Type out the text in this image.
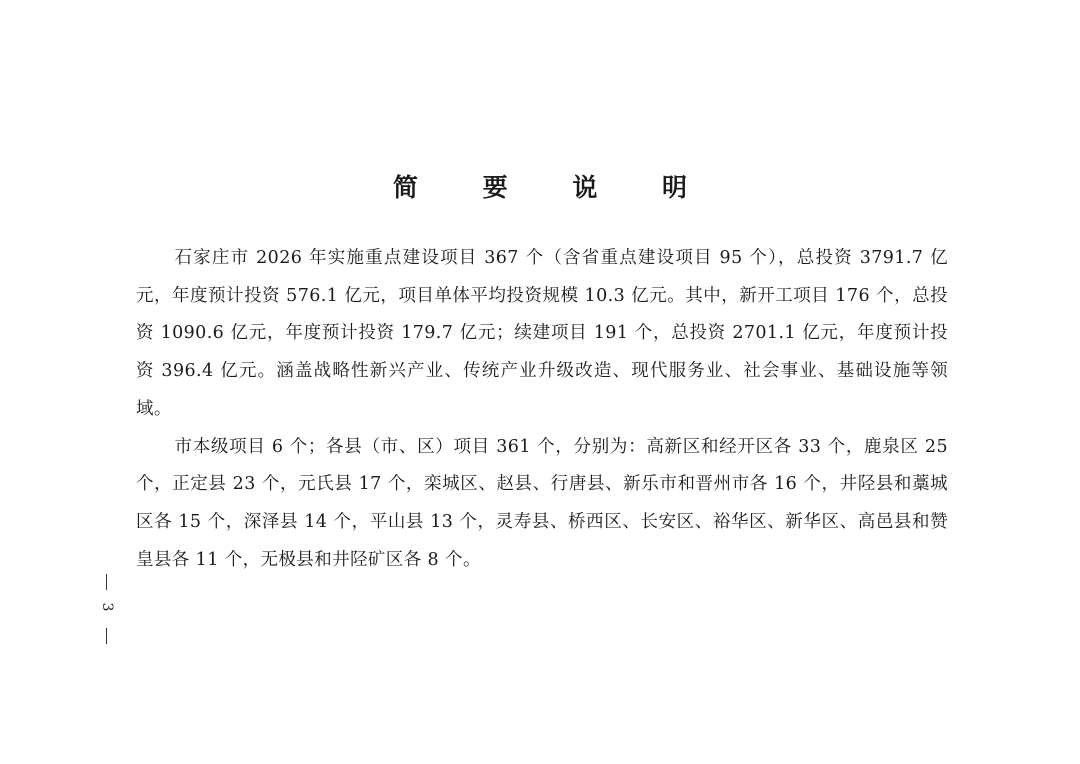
简 要 说 明

石家庄市 2026 年实施重点建设项目 367 个（含省重点建设项目 95 个），总投资 3791.7 亿元，年度预计投资 576.1 亿元，项目单体平均投资规模 10.3 亿元。其中，新开工项目 176 个，总投资 1090.6 亿元，年度预计投资 179.7 亿元；续建项目 191 个，总投资 2701.1 亿元，年度预计投资 396.4 亿元。涵盖战略性新兴产业、传统产业升级改造、现代服务业、社会事业、基础设施等领域。

市本级项目 6 个；各县（市、区）项目 361 个，分别为：高新区和经开区各 33 个，鹿泉区 25 个，正定县 23 个，元氏县 17 个，栾城区、赵县、行唐县、新乐市和晋州市各 16 个，井陉县和藁城区各 15 个，深泽县 14 个，平山县 13 个，灵寿县、桥西区、长安区、裕华区、新华区、高邑县和赞皇县各 11 个，无极县和井陉矿区各 8 个。

3
